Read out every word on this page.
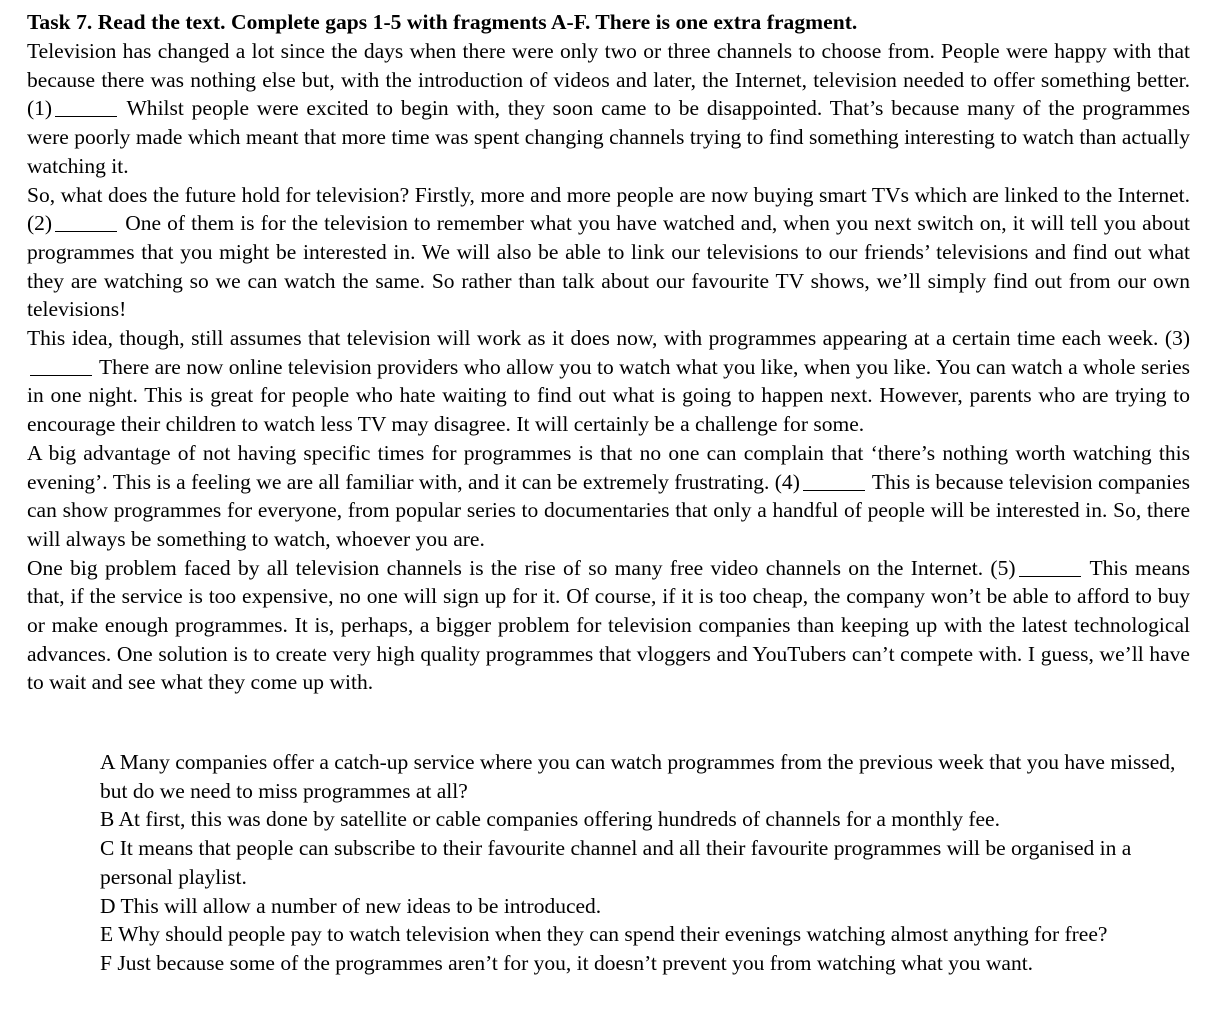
Task 7. Read the text. Complete gaps 1-5 with fragments A-F. There is one extra fragment.

Television has changed a lot since the days when there were only two or three channels to choose from. People were happy with that because there was nothing else but, with the introduction of videos and later, the Internet, television needed to offer something better. (1)	Whilst people were excited to begin with, they soon came to be disappointed. That’s because many of the programmes were poorly made which meant that more time was spent changing channels trying to find something interesting to watch than actually watching it.

So, what does the future hold for television? Firstly, more and more people are now buying smart TVs which are linked to the Internet. (2)	One of them is for the television to remember what you have watched and, when you next switch on, it will tell you about programmes that you might be interested in. We will also be able to link our televisions to our friends’ televisions and find out what they are watching so we can watch the same. So rather than talk about our favourite TV shows, we’ll simply find out from our own televisions!

This idea, though, still assumes that television will work as it does now, with programmes appearing at a certain time each week. (3) There are now online television providers who allow you to watch what you like, when you like. You can watch a whole series in one night. This is great for people who hate waiting to find out what is going to happen next. However, parents who are trying to encourage their children to watch less TV may disagree. It will certainly be a challenge for some.

A big advantage of not having specific times for programmes is that no one can complain that ‘there’s nothing worth watching this evening’. This is a feeling we are all familiar with, and it can be extremely frustrating. (4)	This is because television companies can show programmes for everyone, from popular series to documentaries that only a handful of people will be interested in. So, there will always be something to watch, whoever you are.

One big problem faced by all television channels is the rise of so many free video channels on the Internet. (5)	This means that, if the service is too expensive, no one will sign up for it. Of course, if it is too cheap, the company won’t be able to afford to buy or make enough programmes. It is, perhaps, a bigger problem for television companies than keeping up with the latest technological advances. One solution is to create very high quality programmes that vloggers and YouTubers can’t compete with. I guess, we’ll have to wait and see what they come up with.

A Many companies offer a catch-up service where you can watch programmes from the previous week that you have missed, but do we need to miss programmes at all?

B At first, this was done by satellite or cable companies offering hundreds of channels for a monthly fee.

C It means that people can subscribe to their favourite channel and all their favourite programmes will be organised in a personal playlist.

D This will allow a number of new ideas to be introduced.

E Why should people pay to watch television when they can spend their evenings watching almost anything for free?

F Just because some of the programmes aren’t for you, it doesn’t prevent you from watching what you want.
